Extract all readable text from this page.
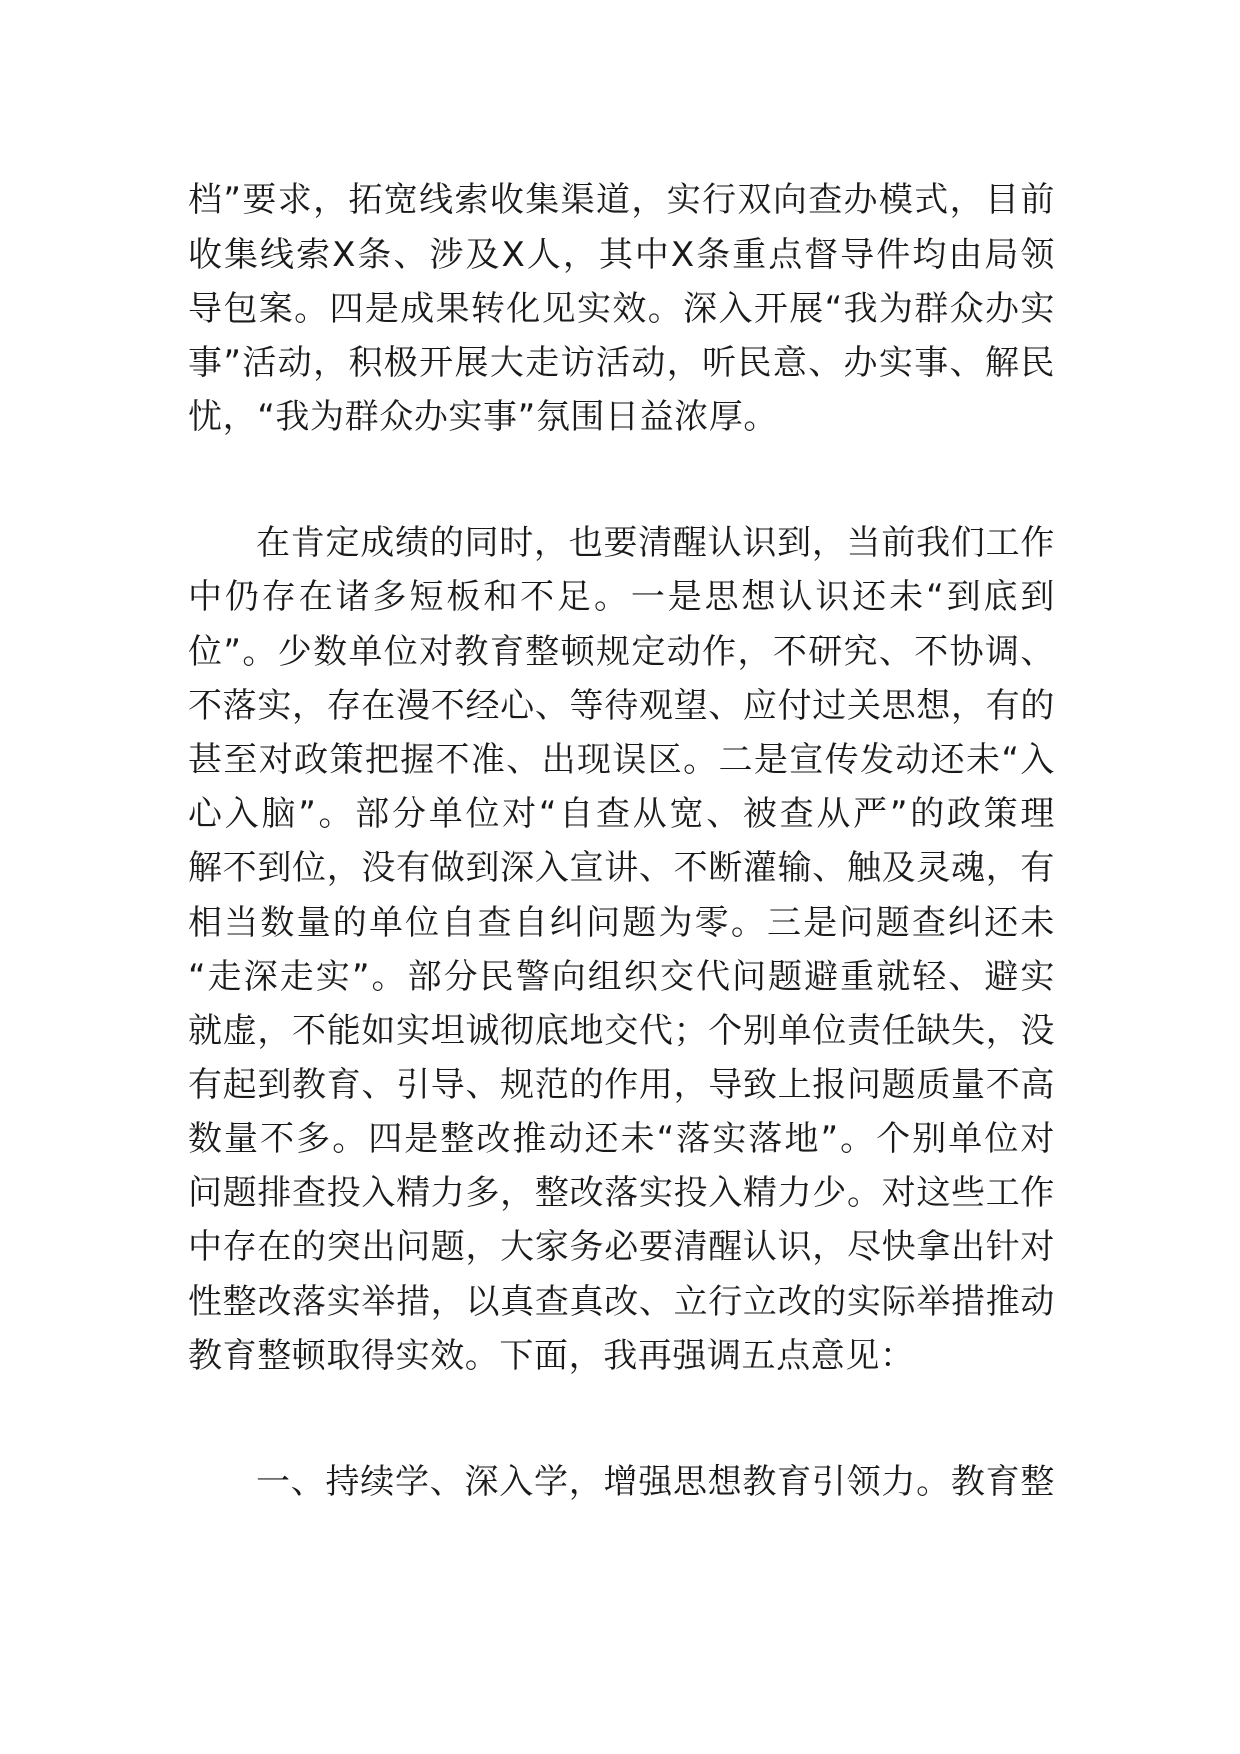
档”要求，拓宽线索收集渠道，实行双向查办模式，目前
收集线索X条、涉及X人，其中X条重点督导件均由局领
导包案。四是成果转化见实效。深入开展“我为群众办实
事”活动，积极开展大走访活动，听民意、办实事、解民
忧，“我为群众办实事”氛围日益浓厚。
在肯定成绩的同时，也要清醒认识到，当前我们工作
中仍存在诸多短板和不足。一是思想认识还未“到底到
位”。少数单位对教育整顿规定动作，不研究、不协调、
不落实，存在漫不经心、等待观望、应付过关思想，有的
甚至对政策把握不准、出现误区。二是宣传发动还未“入
心入脑”。部分单位对“自查从宽、被查从严”的政策理
解不到位，没有做到深入宣讲、不断灌输、触及灵魂，有
相当数量的单位自查自纠问题为零。三是问题查纠还未
“走深走实”。部分民警向组织交代问题避重就轻、避实
就虚，不能如实坦诚彻底地交代；个别单位责任缺失，没
有起到教育、引导、规范的作用，导致上报问题质量不高
数量不多。四是整改推动还未“落实落地”。个别单位对
问题排查投入精力多，整改落实投入精力少。对这些工作
中存在的突出问题，大家务必要清醒认识，尽快拿出针对
性整改落实举措，以真查真改、立行立改的实际举措推动
教育整顿取得实效。下面，我再强调五点意见：
一、持续学、深入学，增强思想教育引领力。教育整
